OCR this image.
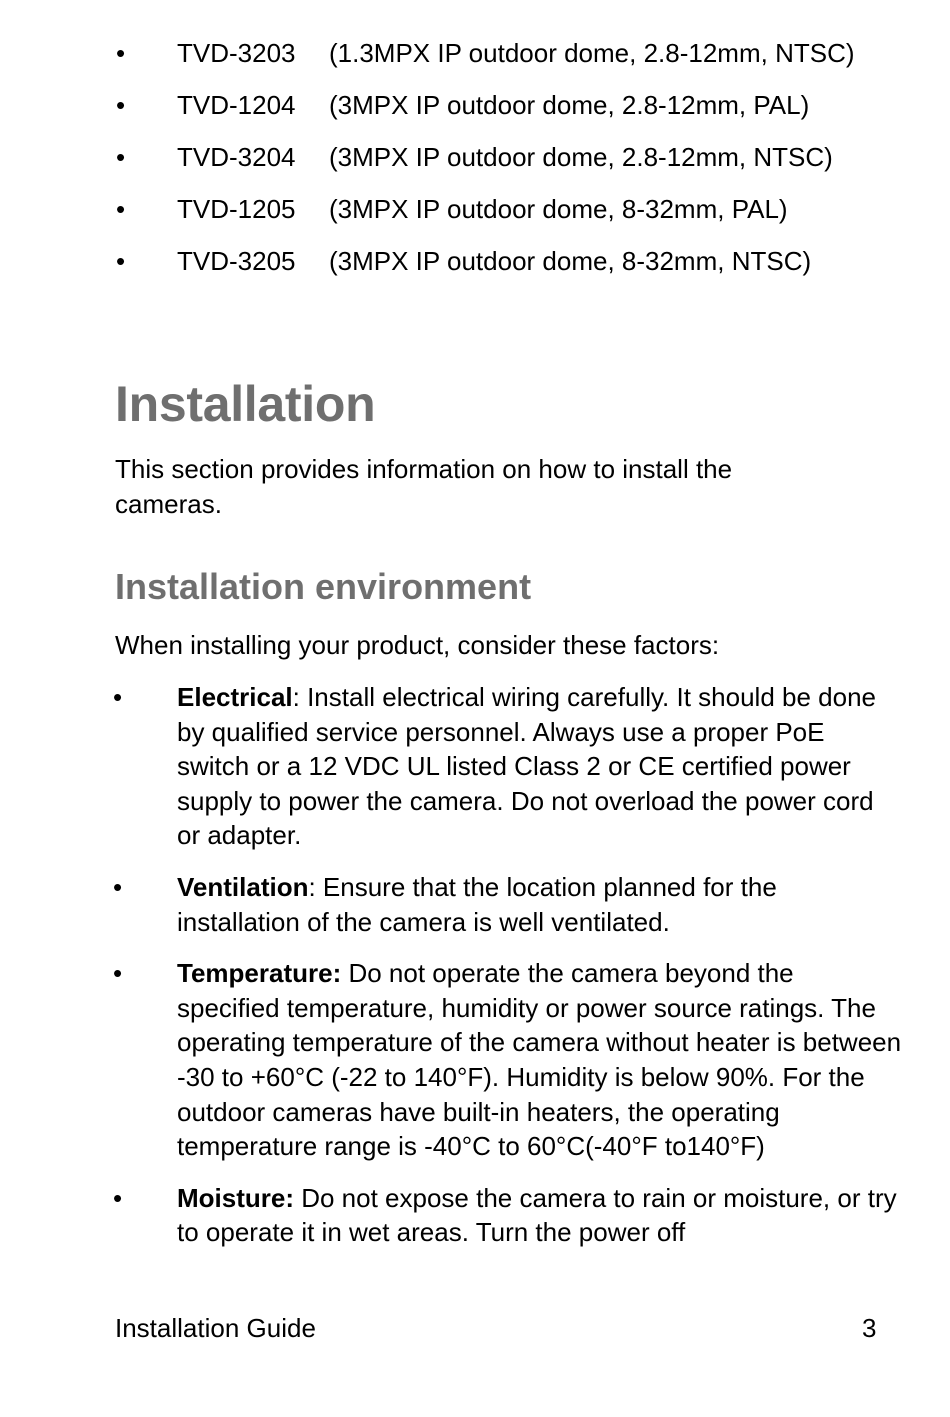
• TVD-3203 (1.3MPX IP outdoor dome, 2.8-12mm, NTSC)
• TVD-1204 (3MPX IP outdoor dome, 2.8-12mm, PAL)
• TVD-3204 (3MPX IP outdoor dome, 2.8-12mm, NTSC)
• TVD-1205 (3MPX IP outdoor dome, 8-32mm, PAL)
• TVD-3205 (3MPX IP outdoor dome, 8-32mm, NTSC)
Installation

This section provides information on how to install the cameras.

Installation environment

When installing your product, consider these factors:

• Electrical: Install electrical wiring carefully. It should be done by qualified service personnel. Always use a proper PoE switch or a 12 VDC UL listed Class 2 or CE certified power supply to power the camera. Do not overload the power cord or adapter.
• Ventilation: Ensure that the location planned for the installation of the camera is well ventilated.
• Temperature: Do not operate the camera beyond the specified temperature, humidity or power source ratings. The operating temperature of the camera without heater is between -30 to +60°C (-22 to 140°F). Humidity is below 90%. For the outdoor cameras have built-in heaters, the operating temperature range is -40°C to 60°C(-40°F to140°F)
• Moisture: Do not expose the camera to rain or moisture, or try to operate it in wet areas. Turn the power off

Installation Guide	3
